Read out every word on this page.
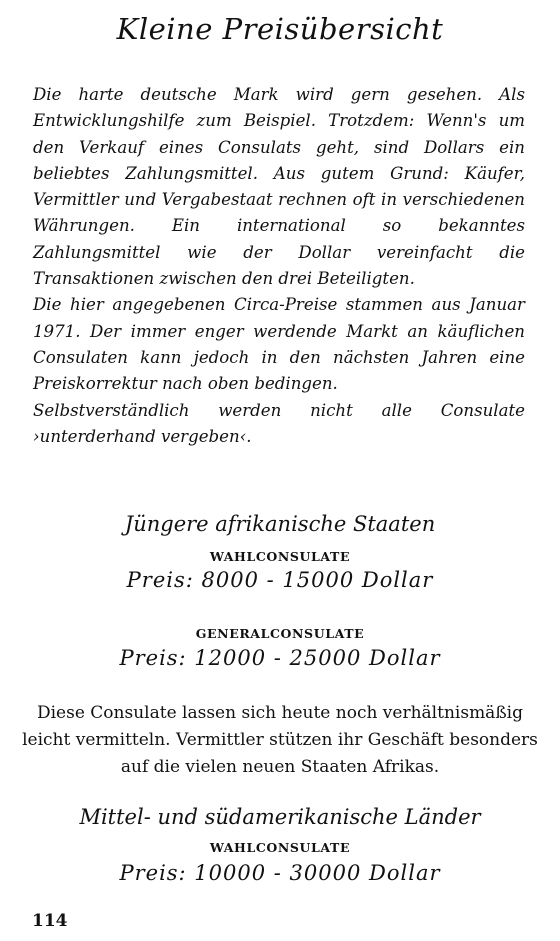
Kleine Preisübersicht

Die harte deutsche Mark wird gern gesehen. Als Entwicklungshilfe zum Beispiel. Trotzdem: Wenn's um den Verkauf eines Consulats geht, sind Dollars ein beliebtes Zahlungsmittel. Aus gutem Grund: Käufer, Vermittler und Vergabestaat rechnen oft in verschiedenen Währungen. Ein international so bekanntes Zahlungsmittel wie der Dollar vereinfacht die Transaktionen zwischen den drei Beteiligten.

Die hier angegebenen Circa-Preise stammen aus Januar 1971. Der immer enger werdende Markt an käuflichen Consulaten kann jedoch in den nächsten Jahren eine Preiskorrektur nach oben bedingen.

Selbstverständlich werden nicht alle Consulate ›unterderhand vergeben‹.

Jüngere afrikanische Staaten
WAHLCONSULATE
Preis: 8000 - 15000 Dollar
GENERALCONSULATE
Preis: 12000 - 25000 Dollar
Diese Consulate lassen sich heute noch verhältnismäßig leicht vermitteln. Vermittler stützen ihr Geschäft besonders auf die vielen neuen Staaten Afrikas.
Mittel- und südamerikanische Länder
WAHLCONSULATE
Preis: 10000 - 30000 Dollar
114
